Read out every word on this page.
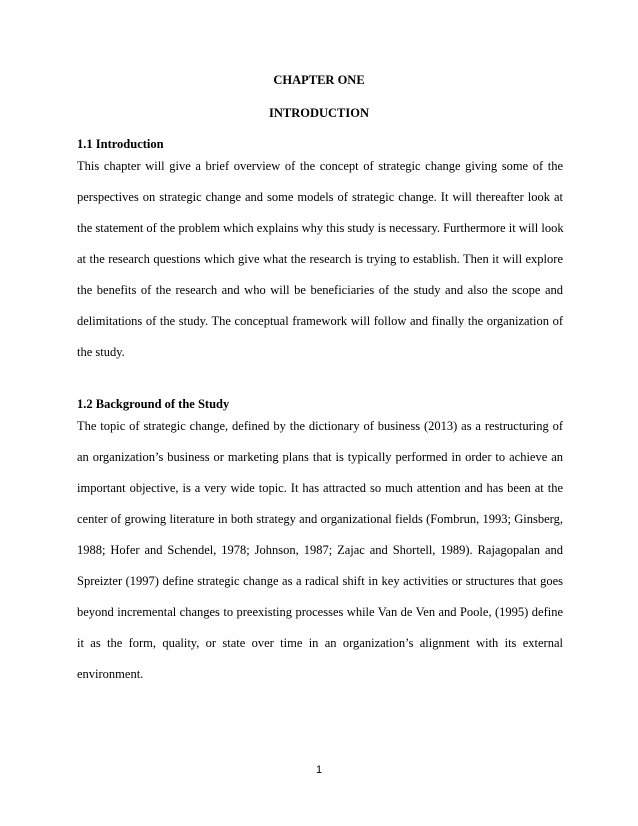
CHAPTER ONE
INTRODUCTION
1.1 Introduction
This chapter will give a brief overview of the concept of strategic change giving some of the
perspectives on strategic change and some models of strategic change. It will thereafter look at
the statement of the problem which explains why this study is necessary. Furthermore it will look
at the research questions which give what the research is trying to establish. Then it will explore
the benefits of the research and who will be beneficiaries of the study and also the scope and
delimitations of the study. The conceptual framework will follow and finally the organization of
the study.
1.2 Background of the Study
The topic of strategic change, defined by the dictionary of business (2013) as a restructuring of
an organization’s business or marketing plans that is typically performed in order to achieve an
important objective, is a very wide topic. It has attracted so much attention and has been at the
center of growing literature in both strategy and organizational fields (Fombrun, 1993; Ginsberg,
1988; Hofer and Schendel, 1978; Johnson, 1987; Zajac and Shortell, 1989). Rajagopalan and
Spreizter (1997) define strategic change as a radical shift in key activities or structures that goes
beyond incremental changes to preexisting processes while Van de Ven and Poole, (1995) define
it as the form, quality, or state over time in an organization’s alignment with its external
environment.
1
